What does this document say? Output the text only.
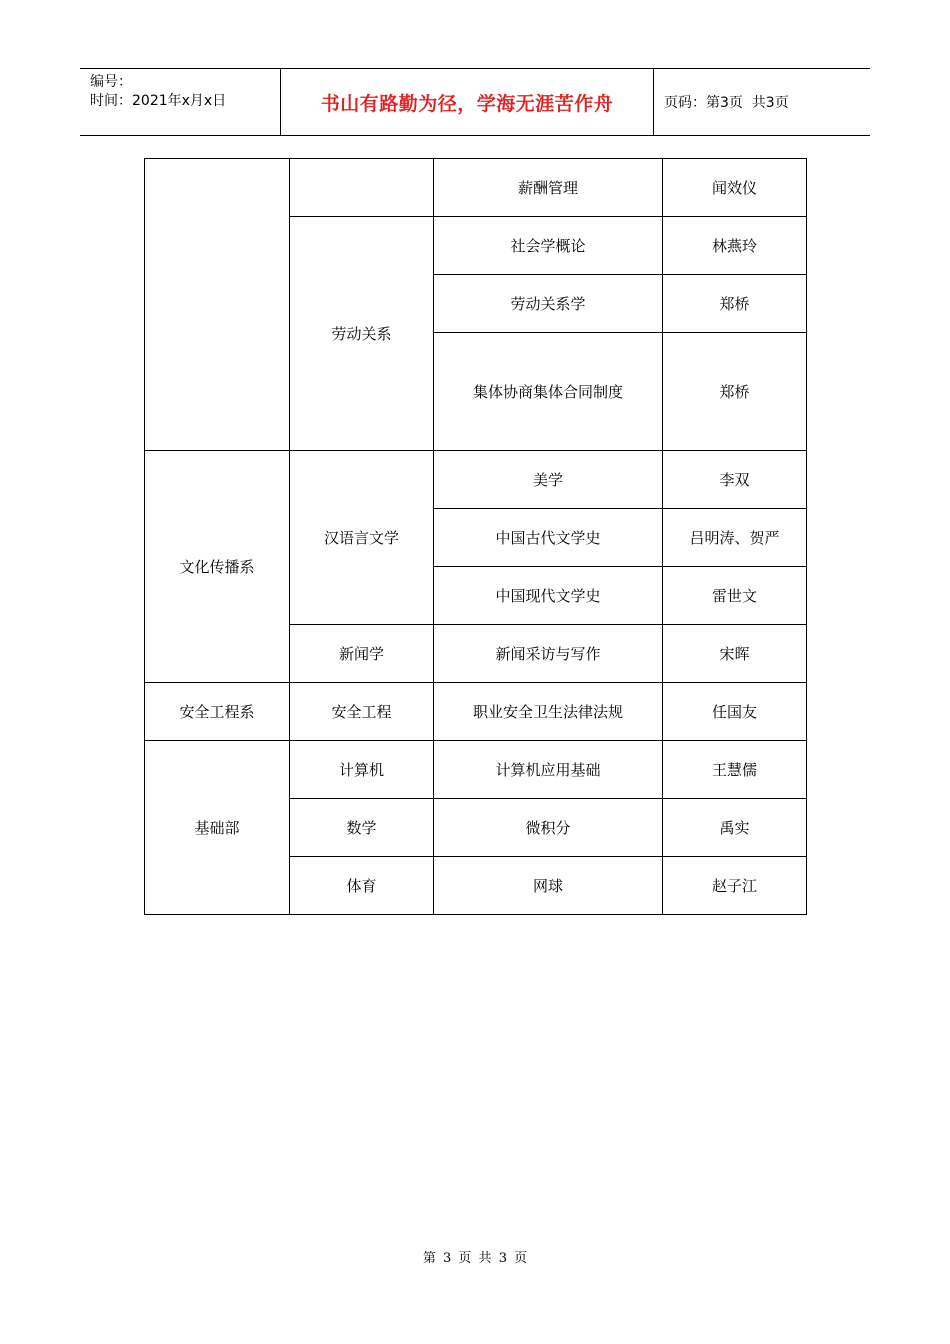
编号：
时间：2021年x月x日	书山有路勤为径，学海无涯苦作舟	页码：第3页  共3页
		薪酬管理	闻效仪
	劳动关系	社会学概论	林燕玲
		劳动关系学	郑桥
		集体协商集体合同制度	郑桥
文化传播系	汉语言文学	美学	李双
		中国古代文学史	吕明涛、贺严
		中国现代文学史	雷世文
	新闻学	新闻采访与写作	宋晖
安全工程系	安全工程	职业安全卫生法律法规	任国友
基础部	计算机	计算机应用基础	王慧儒
	数学	微积分	禹实
	体育	网球	赵子江
第 3 页 共 3 页
